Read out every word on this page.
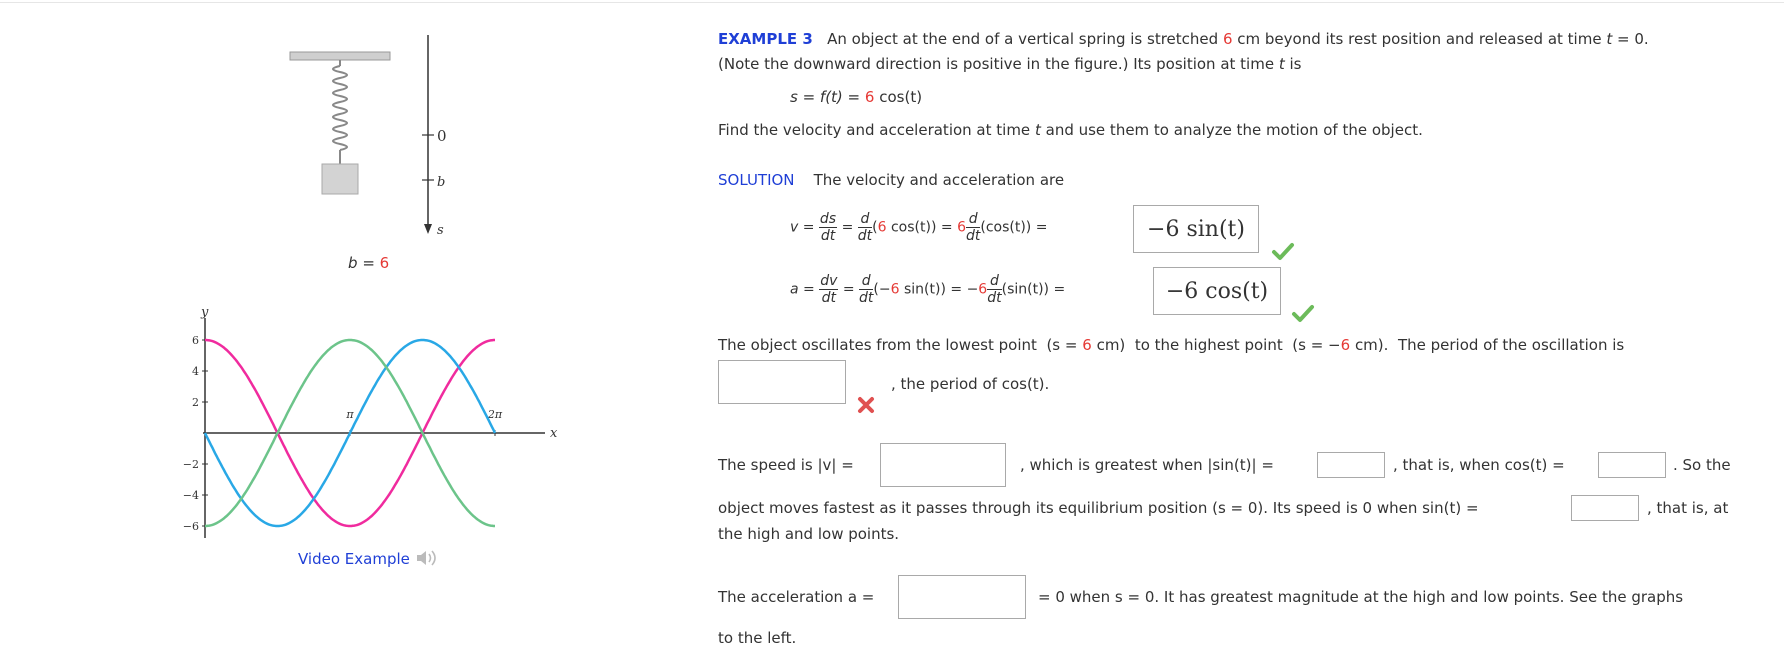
0
b
s
b = 6
y
x
6
4
2
−2
−4
−6
π	2π
Video Example
EXAMPLE 3 An object at the end of a vertical spring is stretched 6 cm beyond its rest position and released at time t = 0.
(Note the downward direction is positive in the figure.) Its position at time t is
s = f(t) = 6 cos(t)
Find the velocity and acceleration at time t and use them to analyze the motion of the object.
SOLUTION The velocity and acceleration are
$v = \frac{ds}{dt} = \frac{d}{dt} (6$ $\cos(t)) = 6 \frac{d}{dt} (\cos(t))$ =	−6 sin(t)
$a = \frac{dv}{dt} = \frac{d}{dt} (-6$ $\sin(t)) = -6 \frac{d}{dt} (\sin(t))$ =	−6 cos(t)
The object oscillates from the lowest point (s = 6 cm) to the highest point (s = −6 cm). The period of the oscillation is
, the period of cos(t).
The speed is |v| =	, which is greatest when |sin(t)| =	, that is, when cos(t) =	. So the
object moves fastest as it passes through its equilibrium position (s = 0). Its speed is 0 when sin(t) =	, that is, at
the high and low points.
The acceleration a =	= 0 when s = 0. It has greatest magnitude at the high and low points. See the graphs
to the left.
